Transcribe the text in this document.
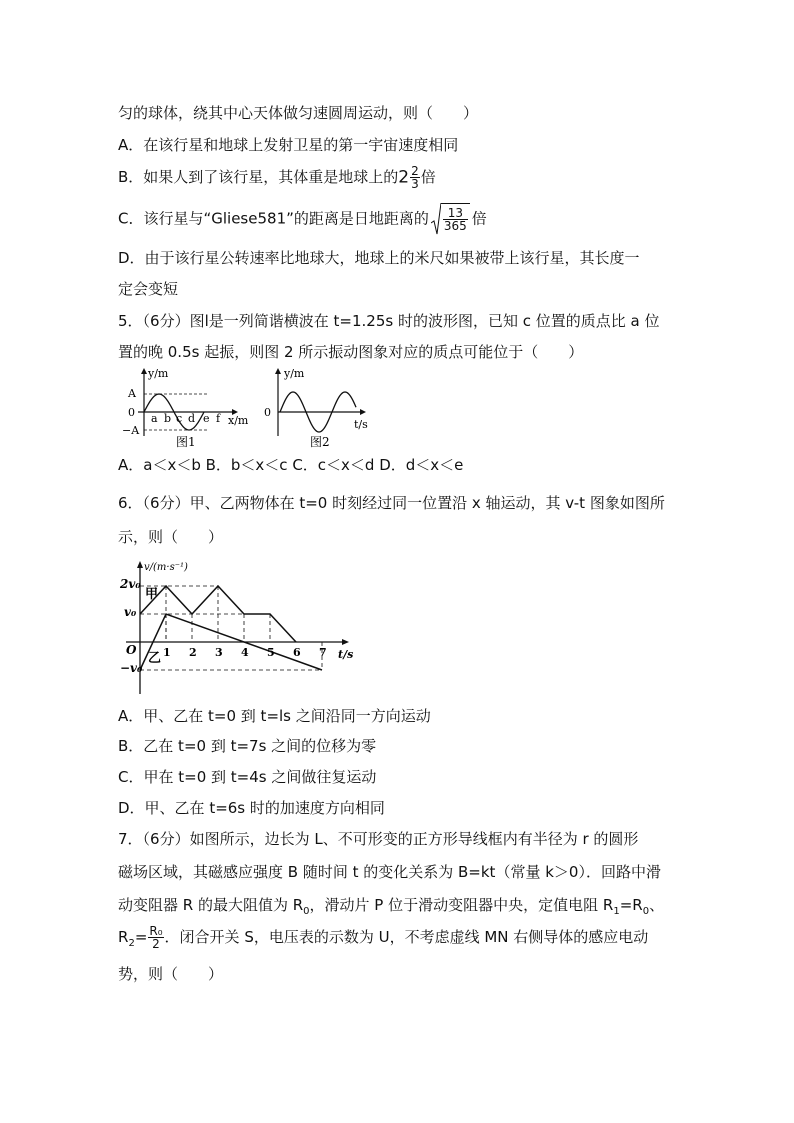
匀的球体，绕其中心天体做匀速圆周运动，则（　　）
A．在该行星和地球上发射卫星的第一宇宙速度相同
B．如果人到了该行星，其体重是地球上的$2 \frac{2}{3}$ 倍
C．该行星与“Gliese581”的距离是日地距离的 $\frac{13}{365}$ 倍
D．由于该行星公转速率比地球大，地球上的米尺如果被带上该行星，其长度一
定会变短
5．（6分）图l是一列简谐横波在 t=1.25s 时的波形图，已知 c 位置的质点比 a 位
置的晚 0.5s 起振，则图 2 所示振动图象对应的质点可能位于（　　）
y/m
A
0
−A
a b c d e f x/m
图1
y/m
0
t/s
图2
A．a＜x＜b B．b＜x＜c C．c＜x＜d D．d＜x＜e
6．（6分）甲、乙两物体在 t=0 时刻经过同一位置沿 x 轴运动，其 v-t 图象如图所
示，则（　　）
v/(m·s⁻¹)
2v₀
v₀
−v₀
O 1 2 3 4 5 6 7 t/s
甲
乙
A．甲、乙在 t=0 到 t=ls 之间沿同一方向运动
B．乙在 t=0 到 t=7s 之间的位移为零
C．甲在 t=0 到 t=4s 之间做往复运动
D．甲、乙在 t=6s 时的加速度方向相同
7．（6分）如图所示，边长为 L、不可形变的正方形导线框内有半径为 r 的圆形
磁场区域，其磁感应强度 B 随时间 t 的变化关系为 B=kt（常量 k＞0）．回路中滑
动变阻器 R 的最大阻值为 $R_0$，滑动片 P 位于滑动变阻器中央，定值电阻 $R_1=R_0$、
$R_2= \frac{\text{R₀}}{2}$ ．闭合开关 S，电压表的示数为 U，不考虑虚线 MN 右侧导体的感应电动
势，则（　　）
